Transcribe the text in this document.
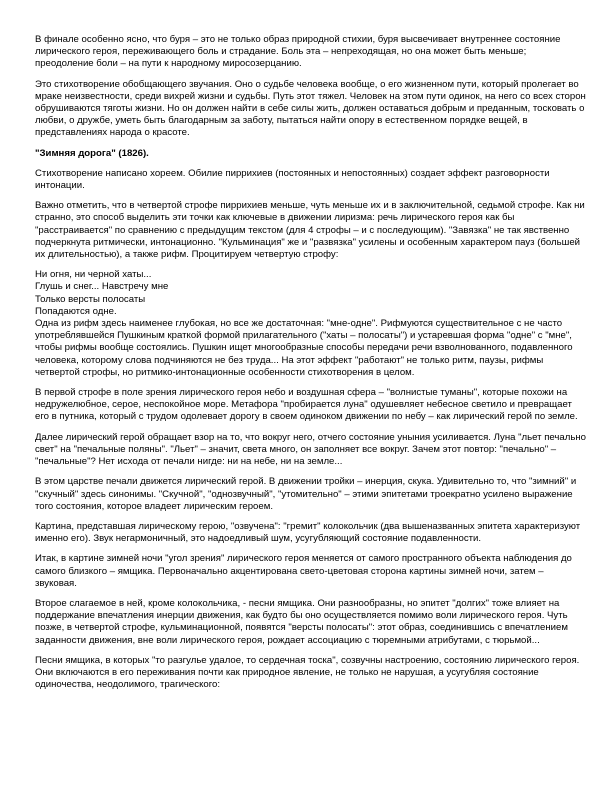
В финале особенно ясно, что буря – это не только образ природной стихии, буря высвечивает внутреннее состояние лирического героя, переживающего боль и страдание. Боль эта – непреходящая, но она может быть меньше; преодоление боли – на пути к народному миросозерцанию.

Это стихотворение обобщающего звучания. Оно о судьбе человека вообще, о его жизненном пути, который пролегает во мраке неизвестности, среди вихрей жизни и судьбы. Путь этот тяжел. Человек на этом пути одинок, на него со всех сторон обрушиваются тяготы жизни. Но он должен найти в себе силы жить, должен оставаться добрым и преданным, тосковать о любви, о дружбе, уметь быть благодарным за заботу, пытаться найти опору в естественном порядке вещей, в представлениях народа о красоте.

"Зимняя дорога" (1826).

Стихотворение написано хореем. Обилие пиррихиев (постоянных и непостоянных) создает эффект разговорности интонации.

Важно отметить, что в четвертой строфе пиррихиев меньше, чуть меньше их и в заключительной, седьмой строфе. Как ни странно, это способ выделить эти точки как ключевые в движении лиризма: речь лирического героя как бы "расстраивается" по сравнению с предыдущим текстом (для 4 строфы – и с последующим). "Завязка" не так явственно подчеркнута ритмически, интонационно. "Кульминация" же и "развязка" усилены и особенным характером пауз (большей их длительностью), а также рифм. Процитируем четвертую строфу:

Ни огня, ни черной хаты...
Глушь и снег... Навстречу мне
Только версты полосаты
Попадаются одне.

Одна из рифм здесь наименее глубокая, но все же достаточная: "мне-одне". Рифмуются существительное с не часто употреблявшейся Пушкиным краткой формой прилагательного ("хаты – полосаты") и устаревшая форма "одне" с "мне", чтобы рифмы вообще состоялись. Пушкин ищет многообразные способы передачи речи взволнованного, подавленного человека, которому слова подчиняются не без труда... На этот эффект "работают" не только ритм, паузы, рифмы четвертой строфы, но ритмико-интонационные особенности стихотворения в целом.

В первой строфе в поле зрения лирического героя небо и воздушная сфера – "волнистые туманы", которые похожи на недружелюбное, серое, неспокойное море. Метафора "пробирается луна" одушевляет небесное светило и превращает его в путника, который с трудом одолевает дорогу в своем одиноком движении по небу – как лирический герой по земле.

Далее лирический герой обращает взор на то, что вокруг него, отчего состояние уныния усиливается. Луна "льет печально свет" на "печальные поляны". "Льет" – значит, света много, он заполняет все вокруг. Зачем этот повтор: "печально" – "печальные"? Нет исхода от печали нигде: ни на небе, ни на земле...

В этом царстве печали движется лирический герой. В движении тройки – инерция, скука. Удивительно то, что "зимний" и "скучный" здесь синонимы. "Скучной", "однозвучный", "утомительно" – этими эпитетами троекратно усилено выражение того состояния, которое владеет лирическим героем.

Картина, представшая лирическому герою, "озвучена": "гремит" колокольчик (два вышеназванных эпитета характеризуют именно его). Звук негармоничный, это надоедливый шум, усугубляющий состояние подавленности.

Итак, в картине зимней ночи "угол зрения" лирического героя меняется от самого пространного объекта наблюдения до самого близкого – ямщика. Первоначально акцентирована свето-цветовая сторона картины зимней ночи, затем – звуковая.

Второе слагаемое в ней, кроме колокольчика, - песни ямщика. Они разнообразны, но эпитет "долгих" тоже влияет на поддержание впечатления инерции движения, как будто бы оно осуществляется помимо воли лирического героя. Чуть позже, в четвертой строфе, кульминационной, появятся "версты полосаты": этот образ, соединившись с впечатлением заданности движения, вне воли лирического героя, рождает ассоциацию с тюремными атрибутами, с тюрьмой...

Песни ямщика, в которых "то разгулье удалое, то сердечная тоска", созвучны настроению, состоянию лирического героя. Они включаются в его переживания почти как природное явление, не только не нарушая, а усугубляя состояние одиночества, неодолимого, трагического:
